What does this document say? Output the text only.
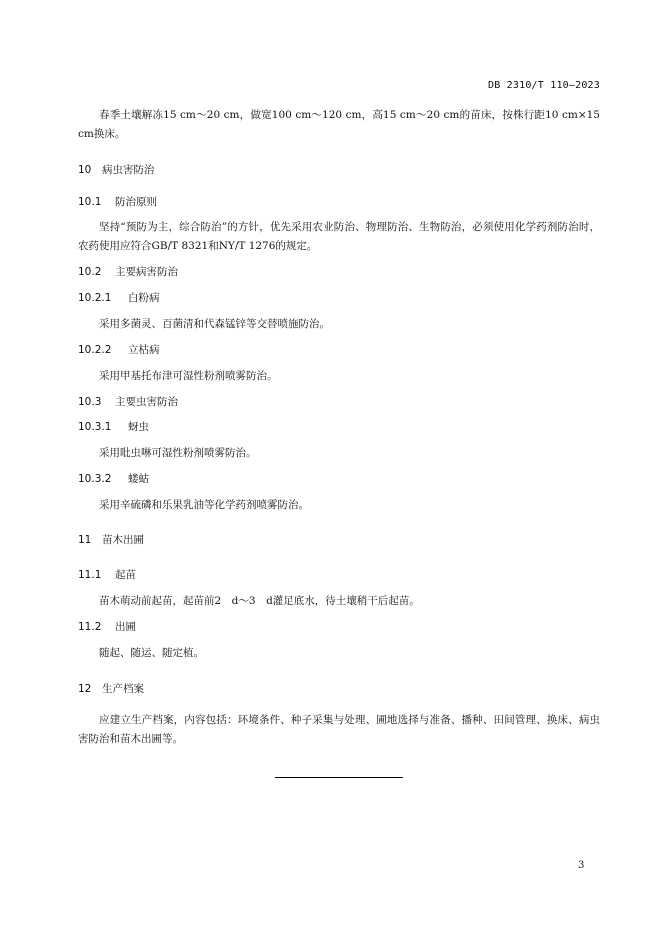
DB 2310/T 110—2023
春季土壤解冻15 cm～20 cm，做宽100 cm～120 cm，高15 cm～20 cm的苗床，按株行距10 cm×15 cm换床。
10 病虫害防治
10.1 防治原则
坚持“预防为主，综合防治”的方针，优先采用农业防治、物理防治、生物防治，必须使用化学药剂防治时，农药使用应符合GB/T 8321和NY/T 1276的规定。
10.2 主要病害防治
10.2.1 白粉病
采用多菌灵、百菌清和代森锰锌等交替喷施防治。
10.2.2 立枯病
采用甲基托布津可湿性粉剂喷雾防治。
10.3 主要虫害防治
10.3.1 蚜虫
采用吡虫啉可湿性粉剂喷雾防治。
10.3.2 蝼蛄
采用辛硫磷和乐果乳油等化学药剂喷雾防治。
11 苗木出圃
11.1 起苗
苗木萌动前起苗，起苗前2　d～3　d灌足底水，待土壤稍干后起苗。
11.2 出圃
随起、随运、随定植。
12 生产档案
应建立生产档案，内容包括：环境条件、种子采集与处理、圃地选择与准备、播种、田间管理、换床、病虫害防治和苗木出圃等。
3
